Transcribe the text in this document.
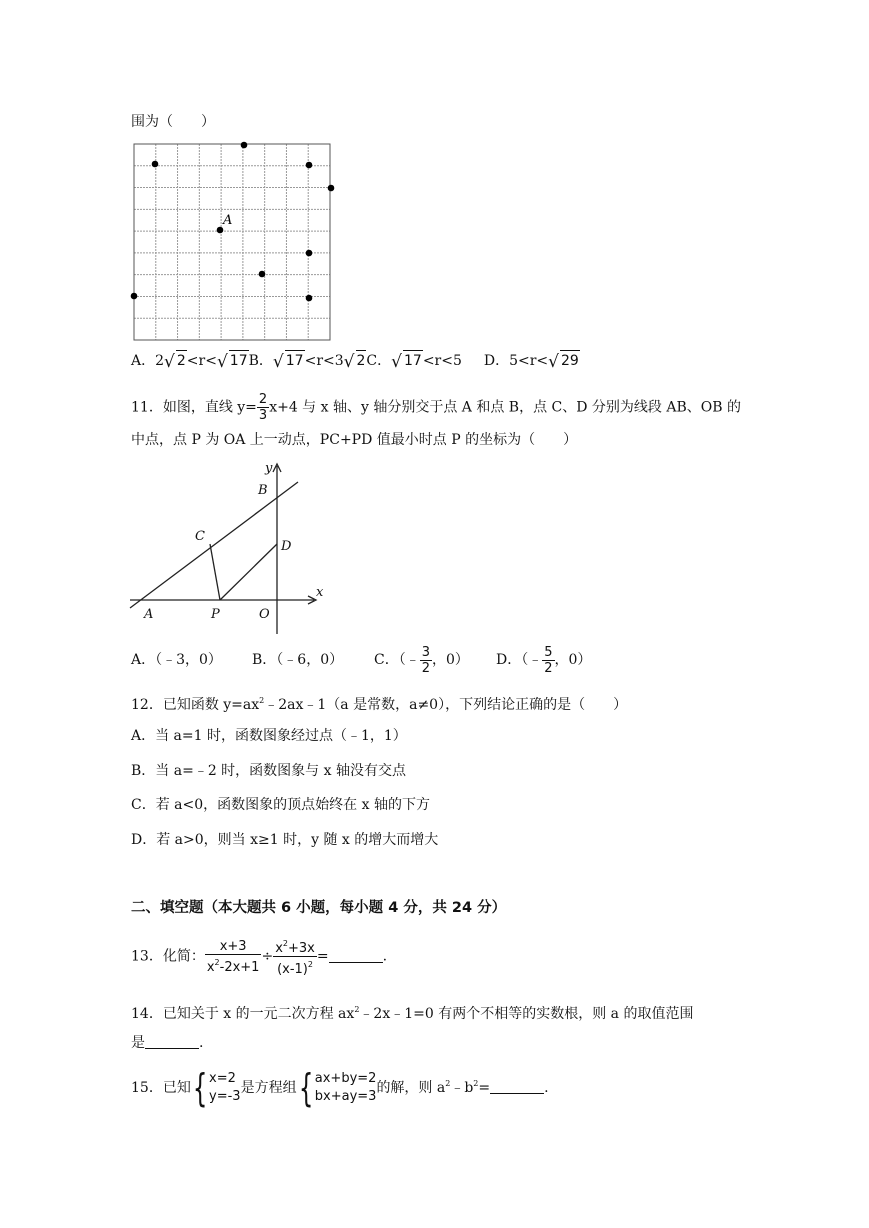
围为（　　）
A
A．2√ 2<r<√ 17B．√ 17<r<3√ 2C．√ 17<r<5 D．5<r<√ 29
11．如图，直线 $y= \frac{2}{3} x+4$ 与 x 轴、y 轴分别交于点 A 和点 B，点 C、D 分别为线段 AB、OB 的
中点，点 P 为 OA 上一动点，PC+PD 值最小时点 P 的坐标为（　　）
y
x
B
C
D
A	P	O
A．（﹣3，0） B．（﹣6，0） C．（﹣ $\frac{3}{2}$ ，0） D．（﹣ $\frac{5}{2}$ ，0）
12．已知函数 $y=ax^2﹣2ax﹣1(a$ 是常数，a≠0），下列结论正确的是（　　）
A．当 a=1 时，函数图象经过点（﹣1，1）
B．当 a=﹣2 时，函数图象与 x 轴没有交点
C．若 a<0，函数图象的顶点始终在 x 轴的下方
D．若 a>0，则当 x≥1 时，y 随 x 的增大而增大
二、填空题（本大题共 6 小题，每小题 4 分，共 24 分）
13．化简： $\frac{x+3}{x^2-2x+1} \div \frac{x^2+3x}{(x-1)^2}$ =	.
14．已知关于 x 的一元二次方程 $ax^2﹣2x﹣1=0$ 有两个不相等的实数根，则 a 的取值范围
是	.
15．已知{ x=2
y=-3
是方程组{ ax+by=2
bx+ay=3
的解，则 $a^2﹣b^2=$	.
